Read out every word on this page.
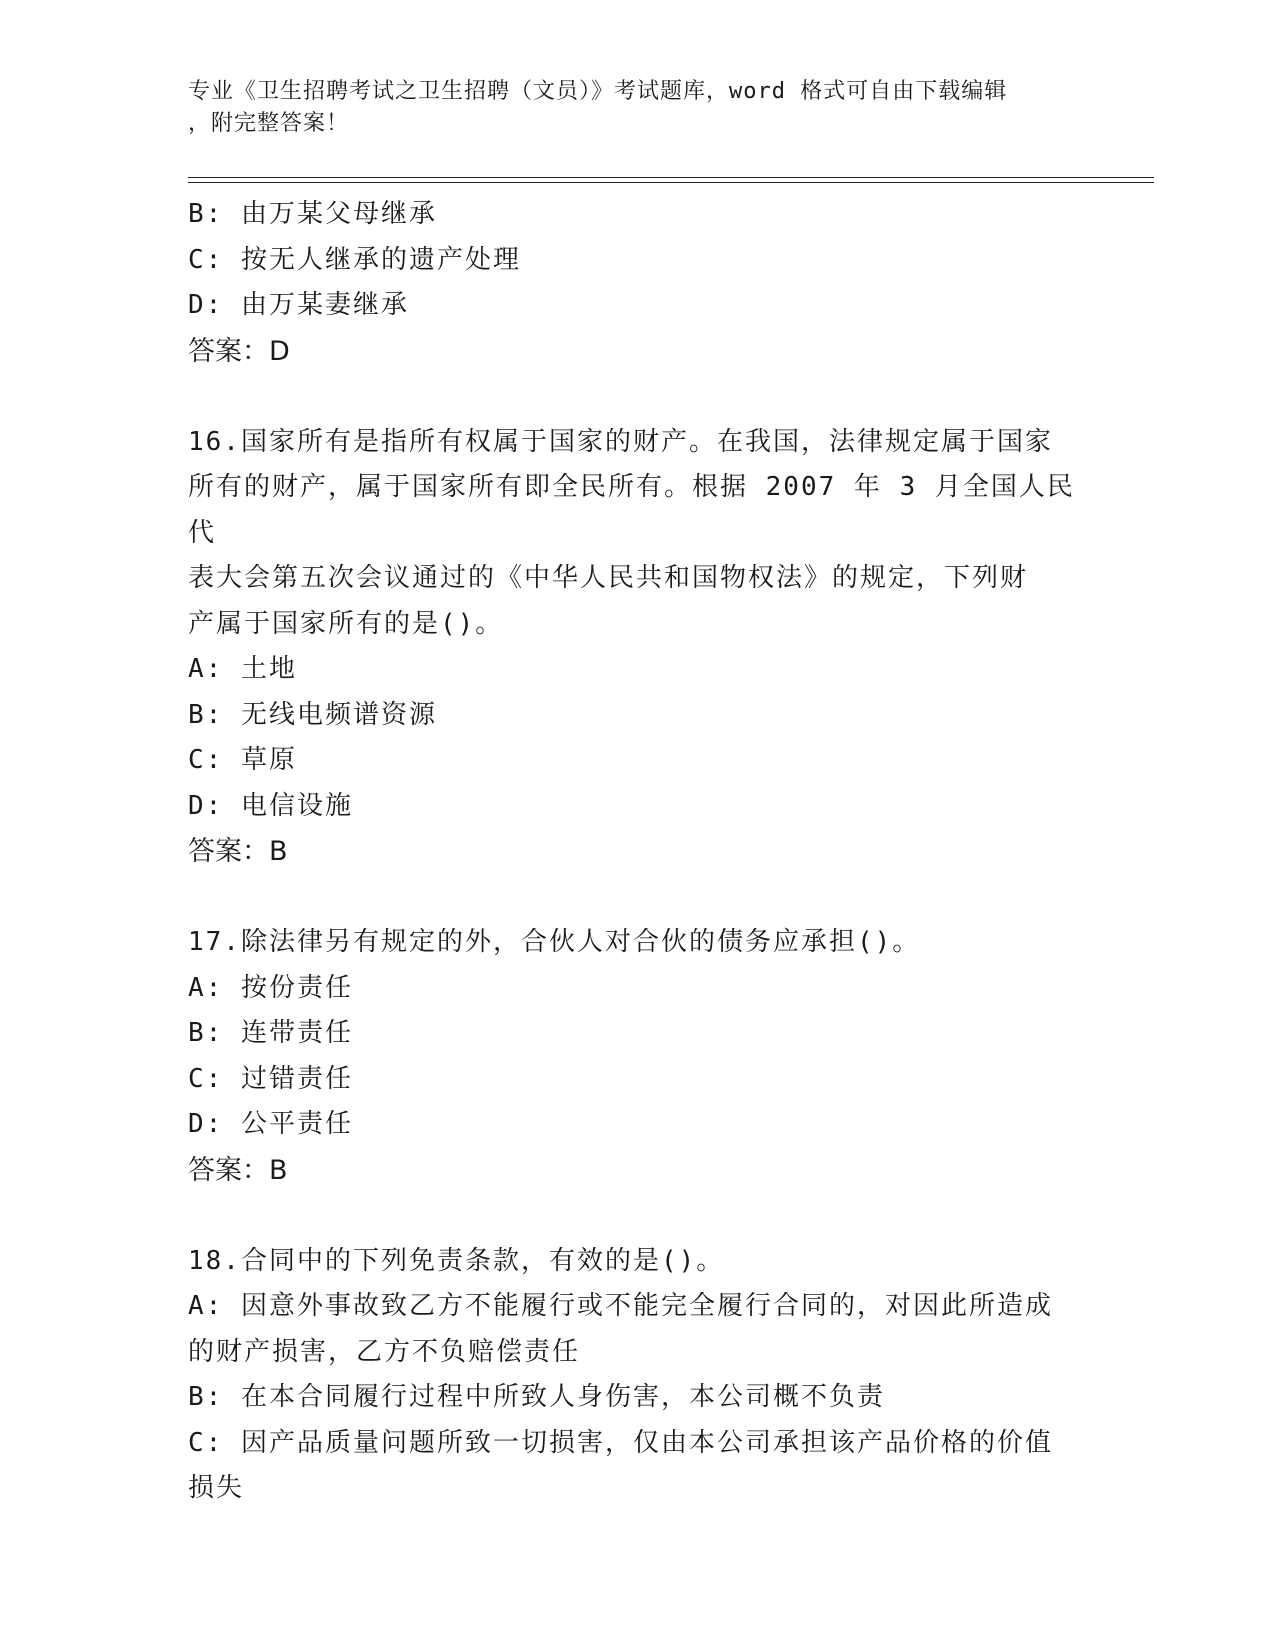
专业《卫生招聘考试之卫生招聘（文员）》考试题库，word 格式可自由下载编辑
，附完整答案！
B: 由万某父母继承
C: 按无人继承的遗产处理
D: 由万某妻继承
答案：D
16.国家所有是指所有权属于国家的财产。在我国，法律规定属于国家
所有的财产，属于国家所有即全民所有。根据 2007 年 3 月全国人民代
表大会第五次会议通过的《中华人民共和国物权法》的规定，下列财
产属于国家所有的是()。
A: 土地
B: 无线电频谱资源
C: 草原
D: 电信设施
答案：B
17.除法律另有规定的外，合伙人对合伙的债务应承担()。
A: 按份责任
B: 连带责任
C: 过错责任
D: 公平责任
答案：B
18.合同中的下列免责条款，有效的是()。
A: 因意外事故致乙方不能履行或不能完全履行合同的，对因此所造成
的财产损害，乙方不负赔偿责任
B: 在本合同履行过程中所致人身伤害，本公司概不负责
C: 因产品质量问题所致一切损害，仅由本公司承担该产品价格的价值
损失
